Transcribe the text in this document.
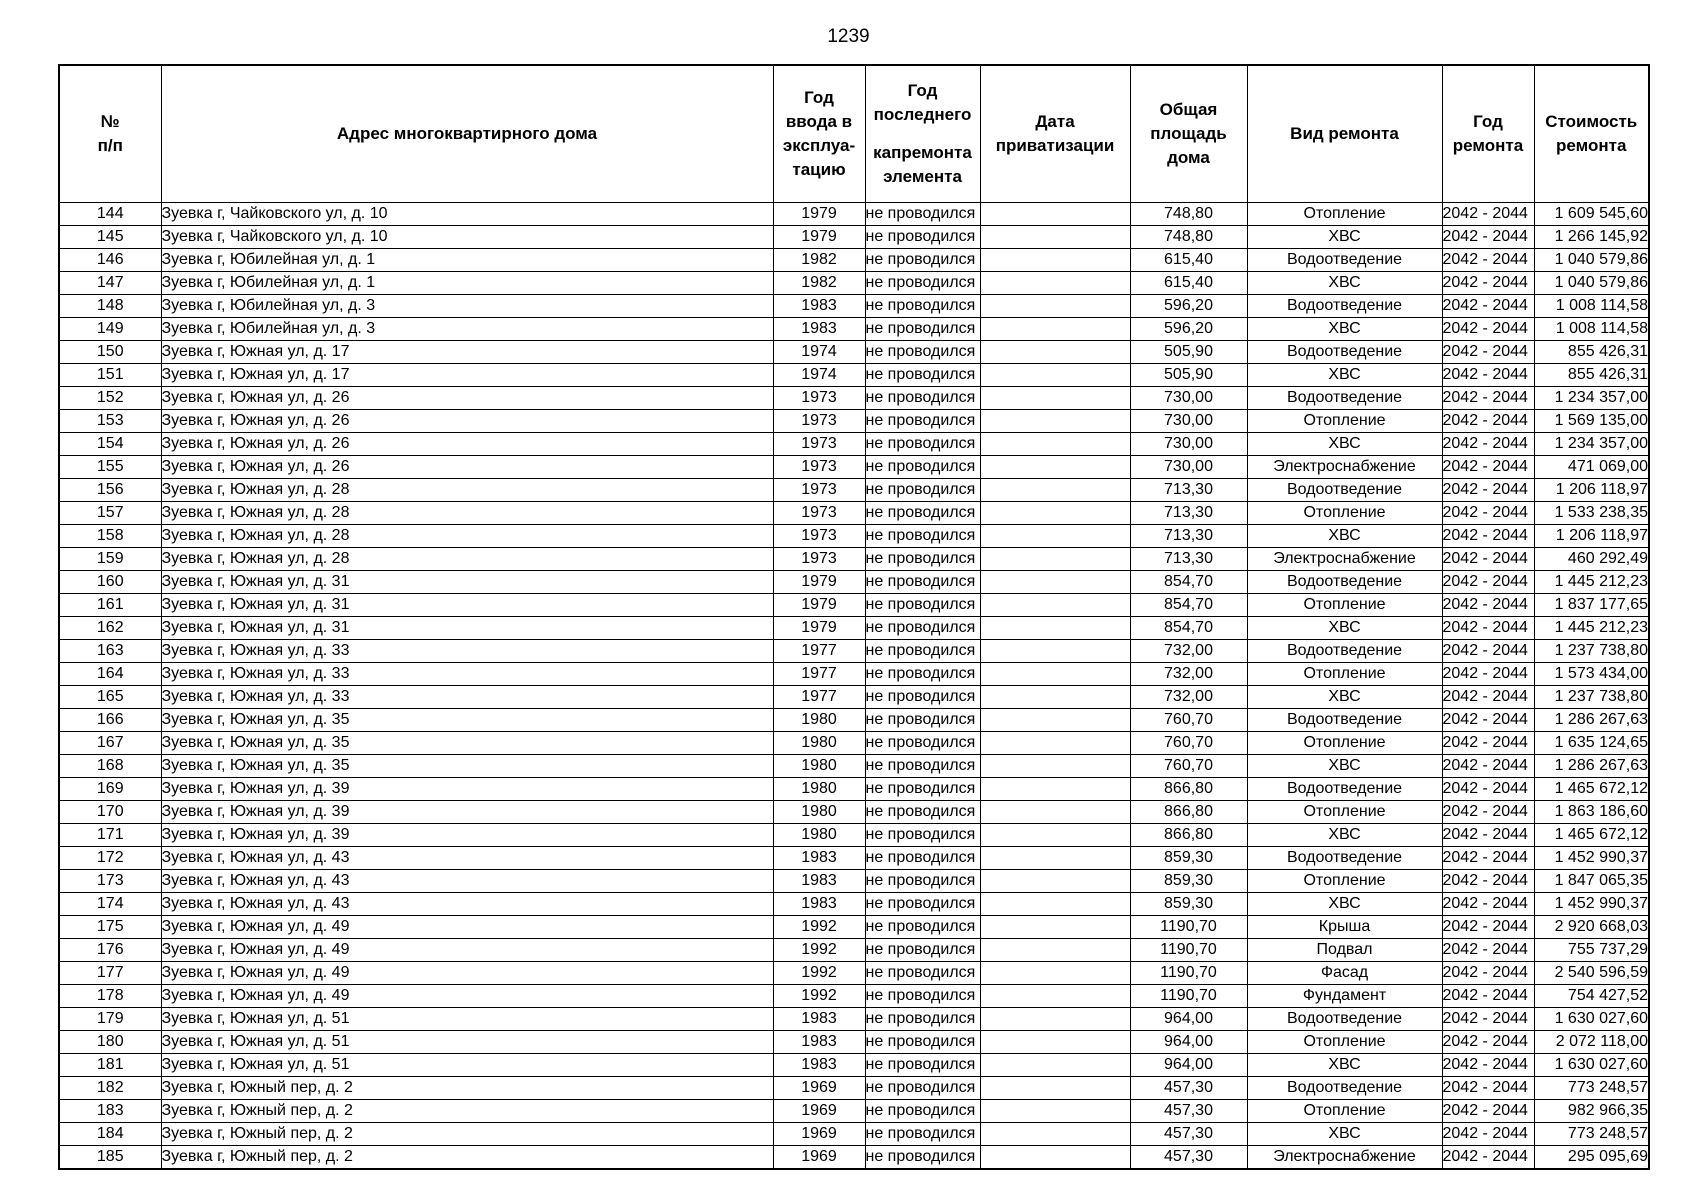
1239
№
п/п	Адрес многоквартирного дома	Год
ввода в
эксплуа-
тацию	Год
последнего
капремонта
элемента	Дата
приватизации	Общая
площадь
дома	Вид ремонта	Год
ремонта	Стоимость
ремонта

144	Зуевка г, Чайковского ул, д. 10	1979	не проводился		748,80	Отопление	2042 - 2044	1 609 545,60
145	Зуевка г, Чайковского ул, д. 10	1979	не проводился		748,80	ХВС	2042 - 2044	1 266 145,92
146	Зуевка г, Юбилейная ул, д. 1	1982	не проводился		615,40	Водоотведение	2042 - 2044	1 040 579,86
147	Зуевка г, Юбилейная ул, д. 1	1982	не проводился		615,40	ХВС	2042 - 2044	1 040 579,86
148	Зуевка г, Юбилейная ул, д. 3	1983	не проводился		596,20	Водоотведение	2042 - 2044	1 008 114,58
149	Зуевка г, Юбилейная ул, д. 3	1983	не проводился		596,20	ХВС	2042 - 2044	1 008 114,58
150	Зуевка г, Южная ул, д. 17	1974	не проводился		505,90	Водоотведение	2042 - 2044	855 426,31
151	Зуевка г, Южная ул, д. 17	1974	не проводился		505,90	ХВС	2042 - 2044	855 426,31
152	Зуевка г, Южная ул, д. 26	1973	не проводился		730,00	Водоотведение	2042 - 2044	1 234 357,00
153	Зуевка г, Южная ул, д. 26	1973	не проводился		730,00	Отопление	2042 - 2044	1 569 135,00
154	Зуевка г, Южная ул, д. 26	1973	не проводился		730,00	ХВС	2042 - 2044	1 234 357,00
155	Зуевка г, Южная ул, д. 26	1973	не проводился		730,00	Электроснабжение	2042 - 2044	471 069,00
156	Зуевка г, Южная ул, д. 28	1973	не проводился		713,30	Водоотведение	2042 - 2044	1 206 118,97
157	Зуевка г, Южная ул, д. 28	1973	не проводился		713,30	Отопление	2042 - 2044	1 533 238,35
158	Зуевка г, Южная ул, д. 28	1973	не проводился		713,30	ХВС	2042 - 2044	1 206 118,97
159	Зуевка г, Южная ул, д. 28	1973	не проводился		713,30	Электроснабжение	2042 - 2044	460 292,49
160	Зуевка г, Южная ул, д. 31	1979	не проводился		854,70	Водоотведение	2042 - 2044	1 445 212,23
161	Зуевка г, Южная ул, д. 31	1979	не проводился		854,70	Отопление	2042 - 2044	1 837 177,65
162	Зуевка г, Южная ул, д. 31	1979	не проводился		854,70	ХВС	2042 - 2044	1 445 212,23
163	Зуевка г, Южная ул, д. 33	1977	не проводился		732,00	Водоотведение	2042 - 2044	1 237 738,80
164	Зуевка г, Южная ул, д. 33	1977	не проводился		732,00	Отопление	2042 - 2044	1 573 434,00
165	Зуевка г, Южная ул, д. 33	1977	не проводился		732,00	ХВС	2042 - 2044	1 237 738,80
166	Зуевка г, Южная ул, д. 35	1980	не проводился		760,70	Водоотведение	2042 - 2044	1 286 267,63
167	Зуевка г, Южная ул, д. 35	1980	не проводился		760,70	Отопление	2042 - 2044	1 635 124,65
168	Зуевка г, Южная ул, д. 35	1980	не проводился		760,70	ХВС	2042 - 2044	1 286 267,63
169	Зуевка г, Южная ул, д. 39	1980	не проводился		866,80	Водоотведение	2042 - 2044	1 465 672,12
170	Зуевка г, Южная ул, д. 39	1980	не проводился		866,80	Отопление	2042 - 2044	1 863 186,60
171	Зуевка г, Южная ул, д. 39	1980	не проводился		866,80	ХВС	2042 - 2044	1 465 672,12
172	Зуевка г, Южная ул, д. 43	1983	не проводился		859,30	Водоотведение	2042 - 2044	1 452 990,37
173	Зуевка г, Южная ул, д. 43	1983	не проводился		859,30	Отопление	2042 - 2044	1 847 065,35
174	Зуевка г, Южная ул, д. 43	1983	не проводился		859,30	ХВС	2042 - 2044	1 452 990,37
175	Зуевка г, Южная ул, д. 49	1992	не проводился		1190,70	Крыша	2042 - 2044	2 920 668,03
176	Зуевка г, Южная ул, д. 49	1992	не проводился		1190,70	Подвал	2042 - 2044	755 737,29
177	Зуевка г, Южная ул, д. 49	1992	не проводился		1190,70	Фасад	2042 - 2044	2 540 596,59
178	Зуевка г, Южная ул, д. 49	1992	не проводился		1190,70	Фундамент	2042 - 2044	754 427,52
179	Зуевка г, Южная ул, д. 51	1983	не проводился		964,00	Водоотведение	2042 - 2044	1 630 027,60
180	Зуевка г, Южная ул, д. 51	1983	не проводился		964,00	Отопление	2042 - 2044	2 072 118,00
181	Зуевка г, Южная ул, д. 51	1983	не проводился		964,00	ХВС	2042 - 2044	1 630 027,60
182	Зуевка г, Южный пер, д. 2	1969	не проводился		457,30	Водоотведение	2042 - 2044	773 248,57
183	Зуевка г, Южный пер, д. 2	1969	не проводился		457,30	Отопление	2042 - 2044	982 966,35
184	Зуевка г, Южный пер, д. 2	1969	не проводился		457,30	ХВС	2042 - 2044	773 248,57
185	Зуевка г, Южный пер, д. 2	1969	не проводился		457,30	Электроснабжение	2042 - 2044	295 095,69
